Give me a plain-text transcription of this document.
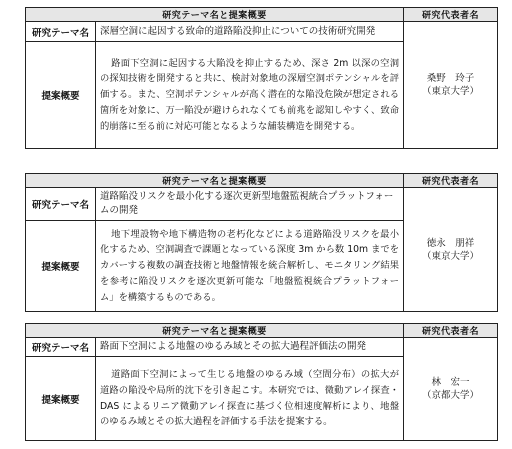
研究テーマ名と提案概要		研究代表者名
研究テーマ名	深層空洞に起因する致命的道路陥没抑止についての技術研究開発	桑野　玲子
（東京大学）

提案概要	路面下空洞に起因する大陥没を抑止するため、深さ 2m 以深の空洞の探知技術を開発すると共に、検討対象地の深層空洞ポテンシャルを評価する。また、空洞ポテンシャルが高く潜在的な陥没危険が想定される箇所を対象に、万一陥没が避けられなくても前兆を認知しやすく、致命的崩落に至る前に対応可能となるような舗装構造を開発する。	
研究テーマ名と提案概要		研究代表者名
研究テーマ名	道路陥没リスクを最小化する逐次更新型地盤監視統合プラットフォームの開発	徳永　朋祥
（東京大学）

提案概要	地下埋設物や地下構造物の老朽化などによる道路陥没リスクを最小化するため、空洞調査で課題となっている深度 3m から数 10m までをカバーする複数の調査技術と地盤情報を統合解析し、モニタリング結果を参考に陥没リスクを逐次更新可能な「地盤監視統合プラットフォーム」を構築するものである。	
研究テーマ名と提案概要		研究代表者名
研究テーマ名	路面下空洞による地盤のゆるみ域とその拡大過程評価法の開発	林　宏一
（京都大学）

提案概要	道路面下空洞によって生じる地盤のゆるみ域（空間分布）の拡大が道路の陥没や局所的沈下を引き起こす。本研究では、微動アレイ探査・DAS によるリニア微動アレイ探査に基づく位相速度解析により、地盤のゆるみ域とその拡大過程を評価する手法を提案する。	
